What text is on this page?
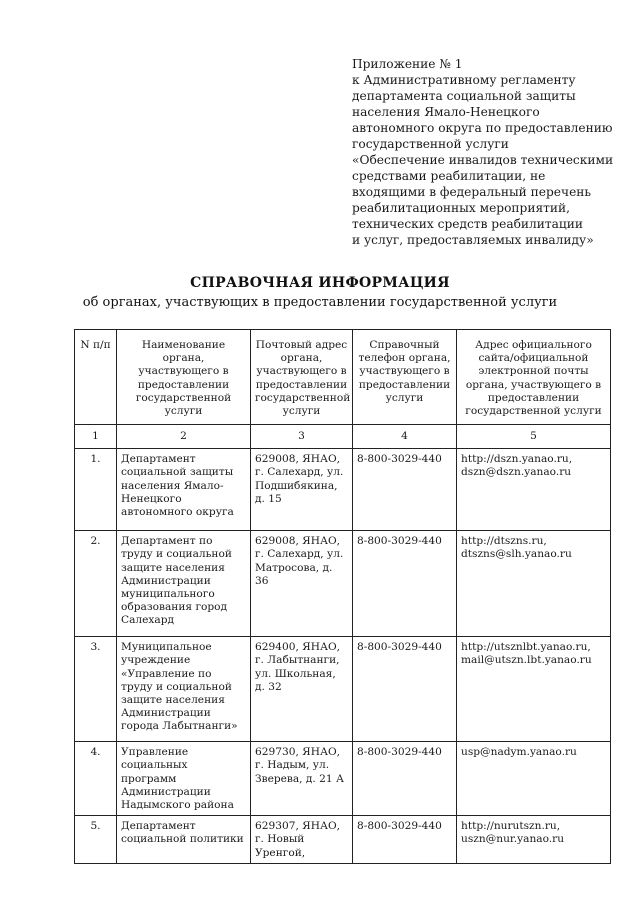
Приложение № 1
к Административному регламенту
департамента социальной защиты
населения Ямало-Ненецкого
автономного округа по предоставлению
государственной услуги
«Обеспечение инвалидов техническими
средствами реабилитации, не
входящими в федеральный перечень
реабилитационных мероприятий,
технических средств реабилитации
и услуг, предоставляемых инвалиду»
СПРАВОЧНАЯ ИНФОРМАЦИЯ
об органах, участвующих в предоставлении государственной услуги
N п/п	Наименование органа, участвующего в предоставлении государственной услуги	Почтовый адрес органа, участвующего в предоставлении государственной услуги	Справочный телефон органа, участвующего в предоставлении услуги	Адрес официального сайта/официальной электронной почты органа, участвующего в предоставлении государственной услуги
1	2	3	4	5
1.	Департамент социальной защиты населения Ямало-Ненецкого автономного округа	629008, ЯНАО, г. Салехард, ул. Подшибякина, д. 15	8-800-3029-440	http://dszn.yanao.ru,
dszn@dszn.yanao.ru
2.	Департамент по труду и социальной защите населения Администрации муниципального образования город Салехард	629008, ЯНАО, г. Салехард, ул. Матросова, д. 36	8-800-3029-440	http://dtszns.ru,
dtszns@slh.yanao.ru
3.	Муниципальное учреждение «Управление по труду и социальной защите населения Администрации города Лабытнанги»	629400, ЯНАО, г. Лабытнанги, ул. Школьная, д. 32	8-800-3029-440	http://utsznlbt.yanao.ru,
mail@utszn.lbt.yanao.ru
4.	Управление социальных программ Администрации Надымского района	629730, ЯНАО, г. Надым, ул. Зверева, д. 21 А	8-800-3029-440	usp@nadym.yanao.ru
5.	Департамент социальной политики	629307, ЯНАО, г. Новый Уренгой,	8-800-3029-440	http://nurutszn.ru,
uszn@nur.yanao.ru
